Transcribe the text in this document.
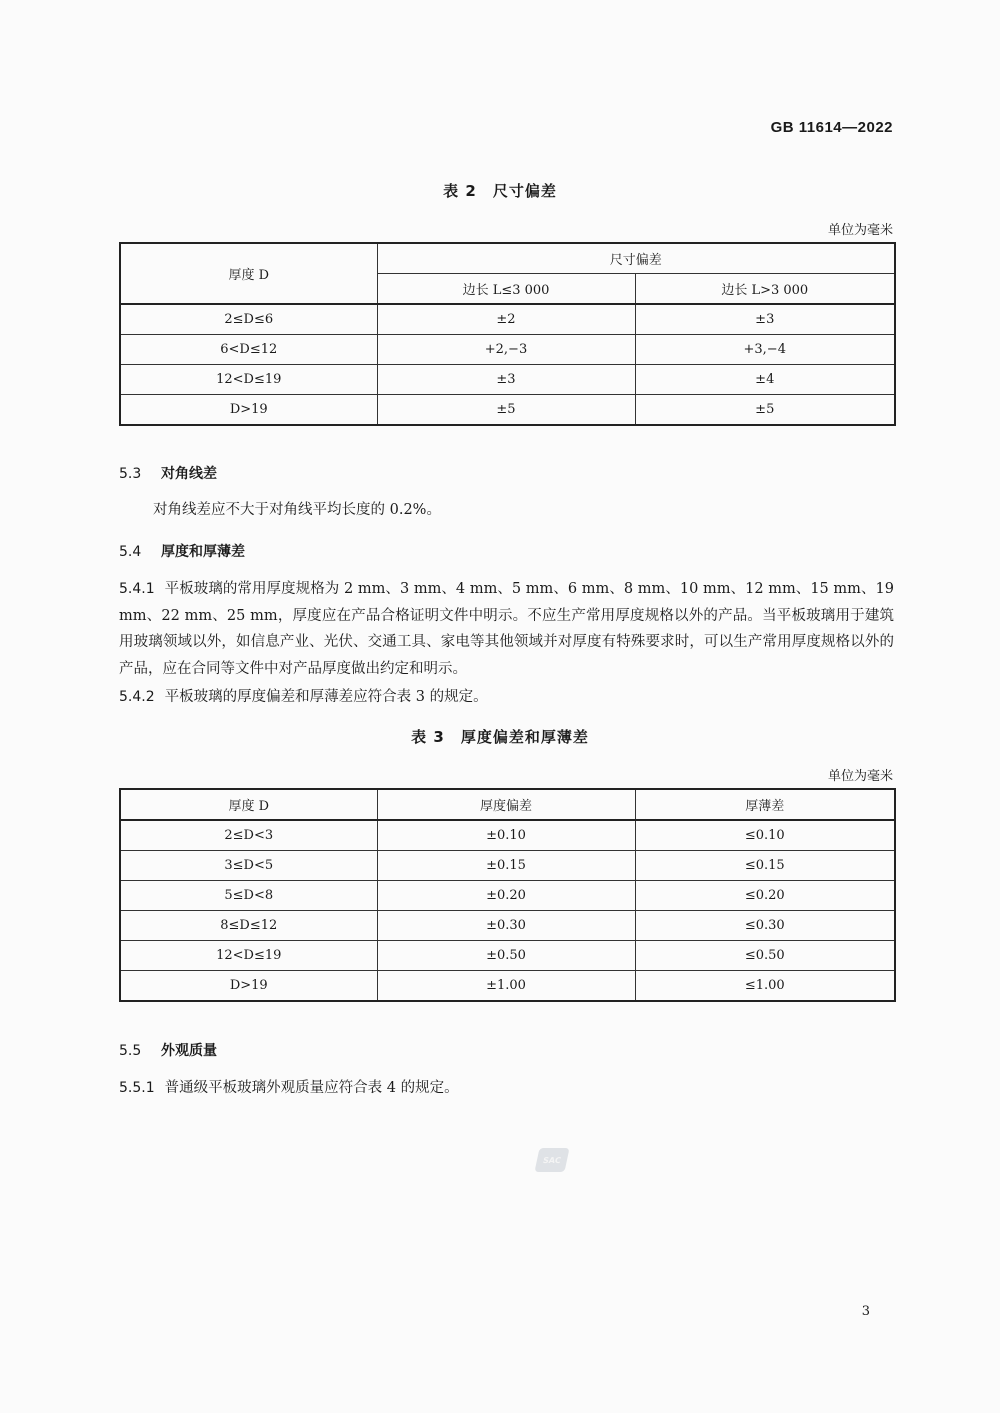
GB 11614—2022
表 2　尺寸偏差
单位为毫米
厚度 D	尺寸偏差	
	边长 L≤3 000	边长 L>3 000
2≤D≤6	±2	±3
6<D≤12	+2,−3	+3,−4
12<D≤19	±3	±4
D>19	±5	±5
5.3 对角线差
对角线差应不大于对角线平均长度的 0.2%。
5.4 厚度和厚薄差
5.4.1 平板玻璃的常用厚度规格为 2 mm、3 mm、4 mm、5 mm、6 mm、8 mm、10 mm、12 mm、15 mm、19 mm、22 mm、25 mm，厚度应在产品合格证明文件中明示。不应生产常用厚度规格以外的产品。当平板玻璃用于建筑用玻璃领域以外，如信息产业、光伏、交通工具、家电等其他领域并对厚度有特殊要求时，可以生产常用厚度规格以外的产品，应在合同等文件中对产品厚度做出约定和明示。
5.4.2 平板玻璃的厚度偏差和厚薄差应符合表 3 的规定。
表 3　厚度偏差和厚薄差
单位为毫米
厚度 D	厚度偏差	厚薄差
2≤D<3	±0.10	≤0.10
3≤D<5	±0.15	≤0.15
5≤D<8	±0.20	≤0.20
8≤D≤12	±0.30	≤0.30
12<D≤19	±0.50	≤0.50
D>19	±1.00	≤1.00
5.5 外观质量
5.5.1 普通级平板玻璃外观质量应符合表 4 的规定。
SAC
3
